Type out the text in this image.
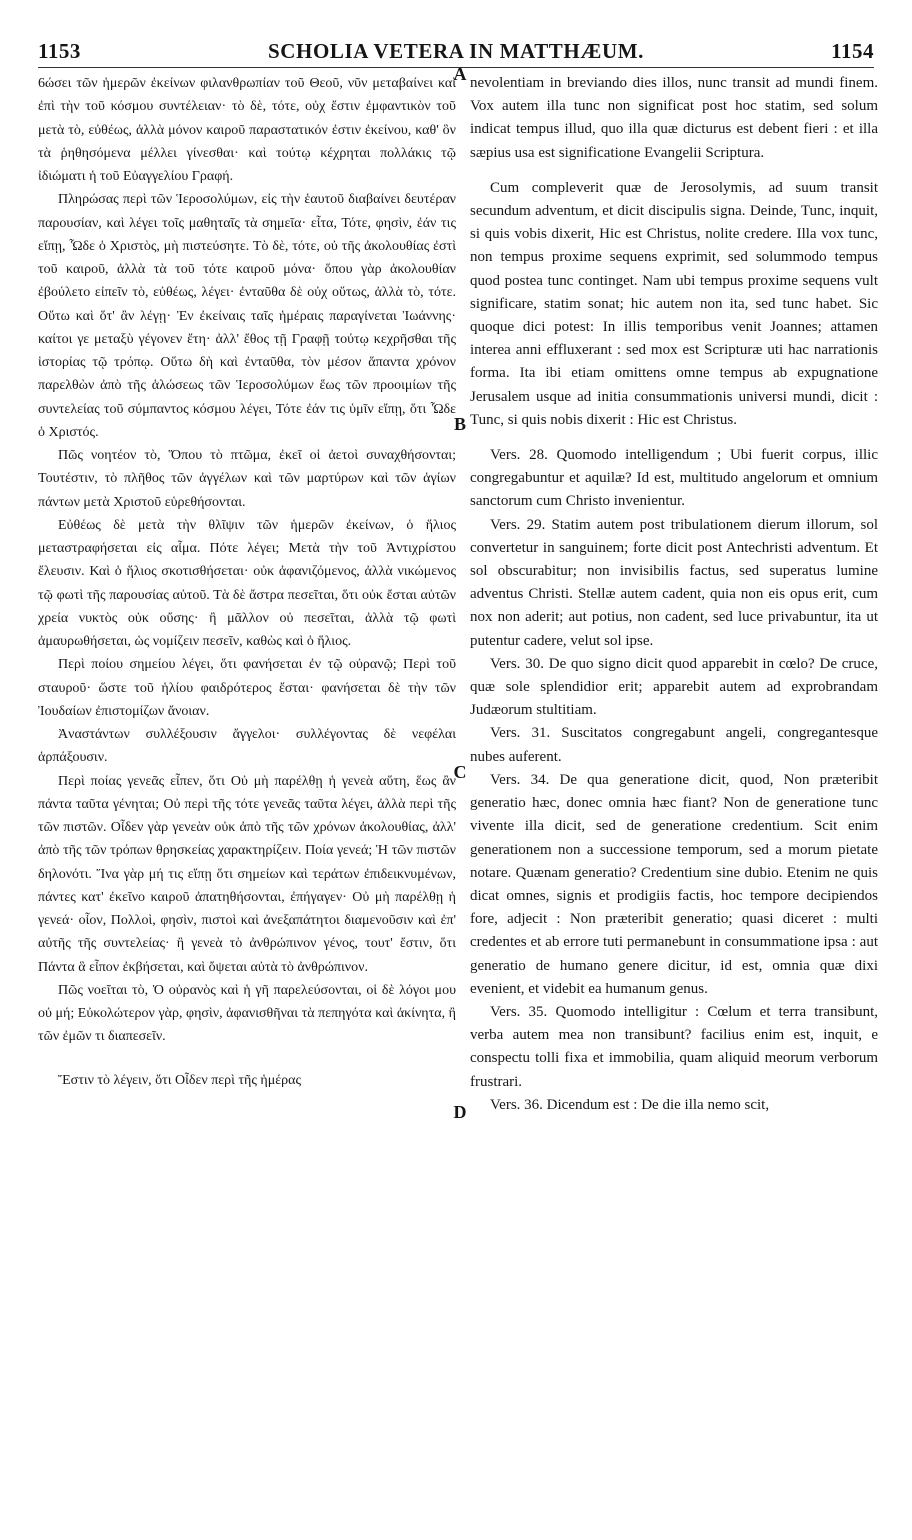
1153	SCHOLIA VETERA IN MATTHÆUM.	1154

6ώσει τῶν ἡμερῶν ἐκείνων φιλανθρωπίαν τοῦ Θεοῦ, νῦν μεταβαίνει καὶ ἐπὶ τὴν τοῦ κόσμου συντέλειαν· τὸ δὲ, τότε, οὐχ ἔστιν ἐμφαντικὸν τοῦ μετὰ τὸ, εὐθέως, ἀλλὰ μόνον καιροῦ παραστατικόν ἐστιν ἐκείνου, καθ' ὃν τὰ ῥηθησόμενα μέλλει γίνεσθαι· καὶ τούτῳ κέχρηται πολλάκις τῷ ἰδιώματι ἡ τοῦ Εὐαγγελίου Γραφή.

Πληρώσας περὶ τῶν Ἱεροσολύμων, εἰς τὴν ἑαυτοῦ διαβαίνει δευτέραν παρουσίαν, καὶ λέγει τοῖς μαθηταῖς τὰ σημεῖα· εἶτα, Τότε, φησὶν, ἐάν τις εἴπῃ, Ὧδε ὁ Χριστὸς, μὴ πιστεύσητε. Τὸ δὲ, τότε, οὐ τῆς ἀκολουθίας ἐστὶ τοῦ καιροῦ, ἀλλὰ τὰ τοῦ τότε καιροῦ μόνα· ὅπου γὰρ ἀκολουθίαν ἐβούλετο εἰπεῖν τὸ, εὐθέως, λέγει· ἐνταῦθα δὲ οὐχ οὕτως, ἀλλὰ τὸ, τότε. Οὕτω καὶ ὅτ' ἂν λέγῃ· Ἐν ἐκείναις ταῖς ἡμέραις παραγίνεται Ἰωάννης· καίτοι γε μεταξὺ γέγονεν ἔτη· ἀλλ' ἔθος τῇ Γραφῇ τούτῳ κεχρῆσθαι τῆς ἱστορίας τῷ τρόπῳ. Οὕτω δὴ καὶ ἐνταῦθα, τὸν μέσον ἅπαντα χρόνον παρελθὼν ἀπὸ τῆς ἁλώσεως τῶν Ἱεροσολύμων ἕως τῶν προοιμίων τῆς συντελείας τοῦ σύμπαντος κόσμου λέγει, Τότε ἐάν τις ὑμῖν εἴπῃ, ὅτι Ὧδε ὁ Χριστός.

Πῶς νοητέον τὸ, Ὅπου τὸ πτῶμα, ἐκεῖ οἱ ἀετοὶ συναχθήσονται; Τουτέστιν, τὸ πλῆθος τῶν ἀγγέλων καὶ τῶν μαρτύρων καὶ τῶν ἁγίων πάντων μετὰ Χριστοῦ εὑρεθήσονται.

Εὐθέως δὲ μετὰ τὴν θλῖψιν τῶν ἡμερῶν ἐκείνων, ὁ ἥλιος μεταστραφήσεται εἰς αἷμα. Πότε λέγει; Μετὰ τὴν τοῦ Ἀντιχρίστου ἔλευσιν. Καὶ ὁ ἥλιος σκοτισθήσεται· οὐκ ἀφανιζόμενος, ἀλλὰ νικώμενος τῷ φωτὶ τῆς παρουσίας αὐτοῦ. Τὰ δὲ ἄστρα πεσεῖται, ὅτι οὐκ ἔσται αὐτῶν χρεία νυκτὸς οὐκ οὔσης· ἢ μᾶλλον οὐ πεσεῖται, ἀλλὰ τῷ φωτὶ ἀμαυρωθήσεται, ὡς νομίζειν πεσεῖν, καθὼς καὶ ὁ ἥλιος.

Περὶ ποίου σημείου λέγει, ὅτι φανήσεται ἐν τῷ οὐρανῷ; Περὶ τοῦ σταυροῦ· ὥστε τοῦ ἡλίου φαιδρότερος ἔσται· φανήσεται δὲ τὴν τῶν Ἰουδαίων ἐπιστομίζων ἄνοιαν.

Ἀναστάντων συλλέξουσιν ἄγγελοι· συλλέγοντας δὲ νεφέλαι ἁρπάξουσιν.

Περὶ ποίας γενεᾶς εἶπεν, ὅτι Οὐ μὴ παρέλθῃ ἡ γενεὰ αὕτη, ἕως ἂν πάντα ταῦτα γένηται; Οὐ περὶ τῆς τότε γενεᾶς ταῦτα λέγει, ἀλλὰ περὶ τῆς τῶν πιστῶν. Οἶδεν γὰρ γενεὰν οὐκ ἀπὸ τῆς τῶν χρόνων ἀκολουθίας, ἀλλ' ἀπὸ τῆς τῶν τρόπων θρησκείας χαρακτηρίζειν. Ποία γενεά; Ἡ τῶν πιστῶν δηλονότι. Ἵνα γὰρ μή τις εἴπῃ ὅτι σημείων καὶ τεράτων ἐπιδεικνυμένων, πάντες κατ' ἐκεῖνο καιροῦ ἀπατηθήσονται, ἐπήγαγεν· Οὐ μὴ παρέλθῃ ἡ γενεά· οἷον, Πολλοὶ, φησὶν, πιστοὶ καὶ ἀνεξαπάτητοι διαμενοῦσιν καὶ ἐπ' αὐτῆς τῆς συντελείας· ἢ γενεὰ τὸ ἀνθρώπινον γένος, τουτ' ἔστιν, ὅτι Πάντα ἃ εἶπον ἐκβήσεται, καὶ ὄψεται αὐτὰ τὸ ἀνθρώπινον.

Πῶς νοεῖται τὸ, Ὁ οὐρανὸς καὶ ἡ γῆ παρελεύσονται, οἱ δὲ λόγοι μου οὐ μή; Εὐκολώτερον γὰρ, φησὶν, ἀφανισθῆναι τὰ πεπηγότα καὶ ἀκίνητα, ἢ τῶν ἐμῶν τι διαπεσεῖν.

Ἔστιν τὸ λέγειν, ὅτι Οἶδεν περὶ τῆς ἡμέρας

A
B
C
D

nevolentiam in breviando dies illos, nunc transit ad mundi finem. Vox autem illa tunc non significat post hoc statim, sed solum indicat tempus illud, quo illa quæ dicturus est debent fieri : et illa sæpius usa est significatione Evangelii Scriptura.

Cum compleverit quæ de Jerosolymis, ad suum transit secundum adventum, et dicit discipulis signa. Deinde, Tunc, inquit, si quis vobis dixerit, Hic est Christus, nolite credere. Illa vox tunc, non tempus proxime sequens exprimit, sed solummodo tempus quod postea tunc continget. Nam ubi tempus proxime sequens vult significare, statim sonat; hic autem non ita, sed tunc habet. Sic quoque dici potest: In illis temporibus venit Joannes; attamen interea anni effluxerant : sed mox est Scripturæ uti hac narrationis forma. Ita ibi etiam omittens omne tempus ab expugnatione Jerusalem usque ad initia consummationis universi mundi, dicit : Tunc, si quis nobis dixerit : Hic est Christus.

Vers. 28. Quomodo intelligendum ; Ubi fuerit corpus, illic congregabuntur et aquilæ? Id est, multitudo angelorum et omnium sanctorum cum Christo invenientur.

Vers. 29. Statim autem post tribulationem dierum illorum, sol convertetur in sanguinem; forte dicit post Antechristi adventum. Et sol obscurabitur; non invisibilis factus, sed superatus lumine adventus Christi. Stellæ autem cadent, quia non eis opus erit, cum nox non aderit; aut potius, non cadent, sed luce privabuntur, ita ut putentur cadere, velut sol ipse.

Vers. 30. De quo signo dicit quod apparebit in cœlo? De cruce, quæ sole splendidior erit; apparebit autem ad exprobrandam Judæorum stultitiam.

Vers. 31. Suscitatos congregabunt angeli, congregantesque nubes auferent.

Vers. 34. De qua generatione dicit, quod, Non præteribit generatio hæc, donec omnia hæc fiant? Non de generatione tunc vivente illa dicit, sed de generatione credentium. Scit enim generationem non a successione temporum, sed a morum pietate notare. Quænam generatio? Credentium sine dubio. Etenim ne quis dicat omnes, signis et prodigiis factis, hoc tempore decipiendos fore, adjecit : Non præteribit generatio; quasi diceret : multi credentes et ab errore tuti permanebunt in consummatione ipsa : aut generatio de humano genere dicitur, id est, omnia quæ dixi evenient, et videbit ea humanum genus.

Vers. 35. Quomodo intelligitur : Cœlum et terra transibunt, verba autem mea non transibunt? facilius enim est, inquit, e conspectu tolli fixa et immobilia, quam aliquid meorum verborum frustrari.

Vers. 36. Dicendum est : De die illa nemo scit,
